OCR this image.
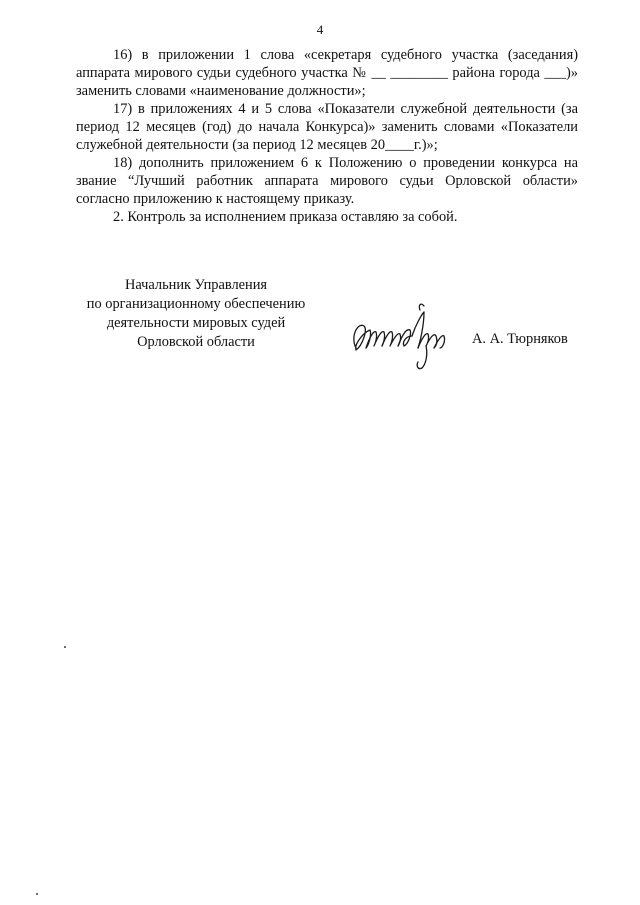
4

16) в приложении 1 слова «секретаря судебного участка (заседания) аппарата мирового судьи судебного участка № __ ________ района города ___)» заменить словами «наименование должности»;

17) в приложениях 4 и 5 слова «Показатели служебной деятельности (за период 12 месяцев (год) до начала Конкурса)» заменить словами «Показатели служебной деятельности (за период 12 месяцев 20____г.)»;

18) дополнить приложением 6 к Положению о проведении конкурса на звание “Лучший работник аппарата мирового судьи Орловской области» согласно приложению к настоящему приказу.

2. Контроль за исполнением приказа оставляю за собой.

Начальник Управления
по организационному обеспечению
деятельности мировых судей
Орловской области	А. А. Тюрняков
